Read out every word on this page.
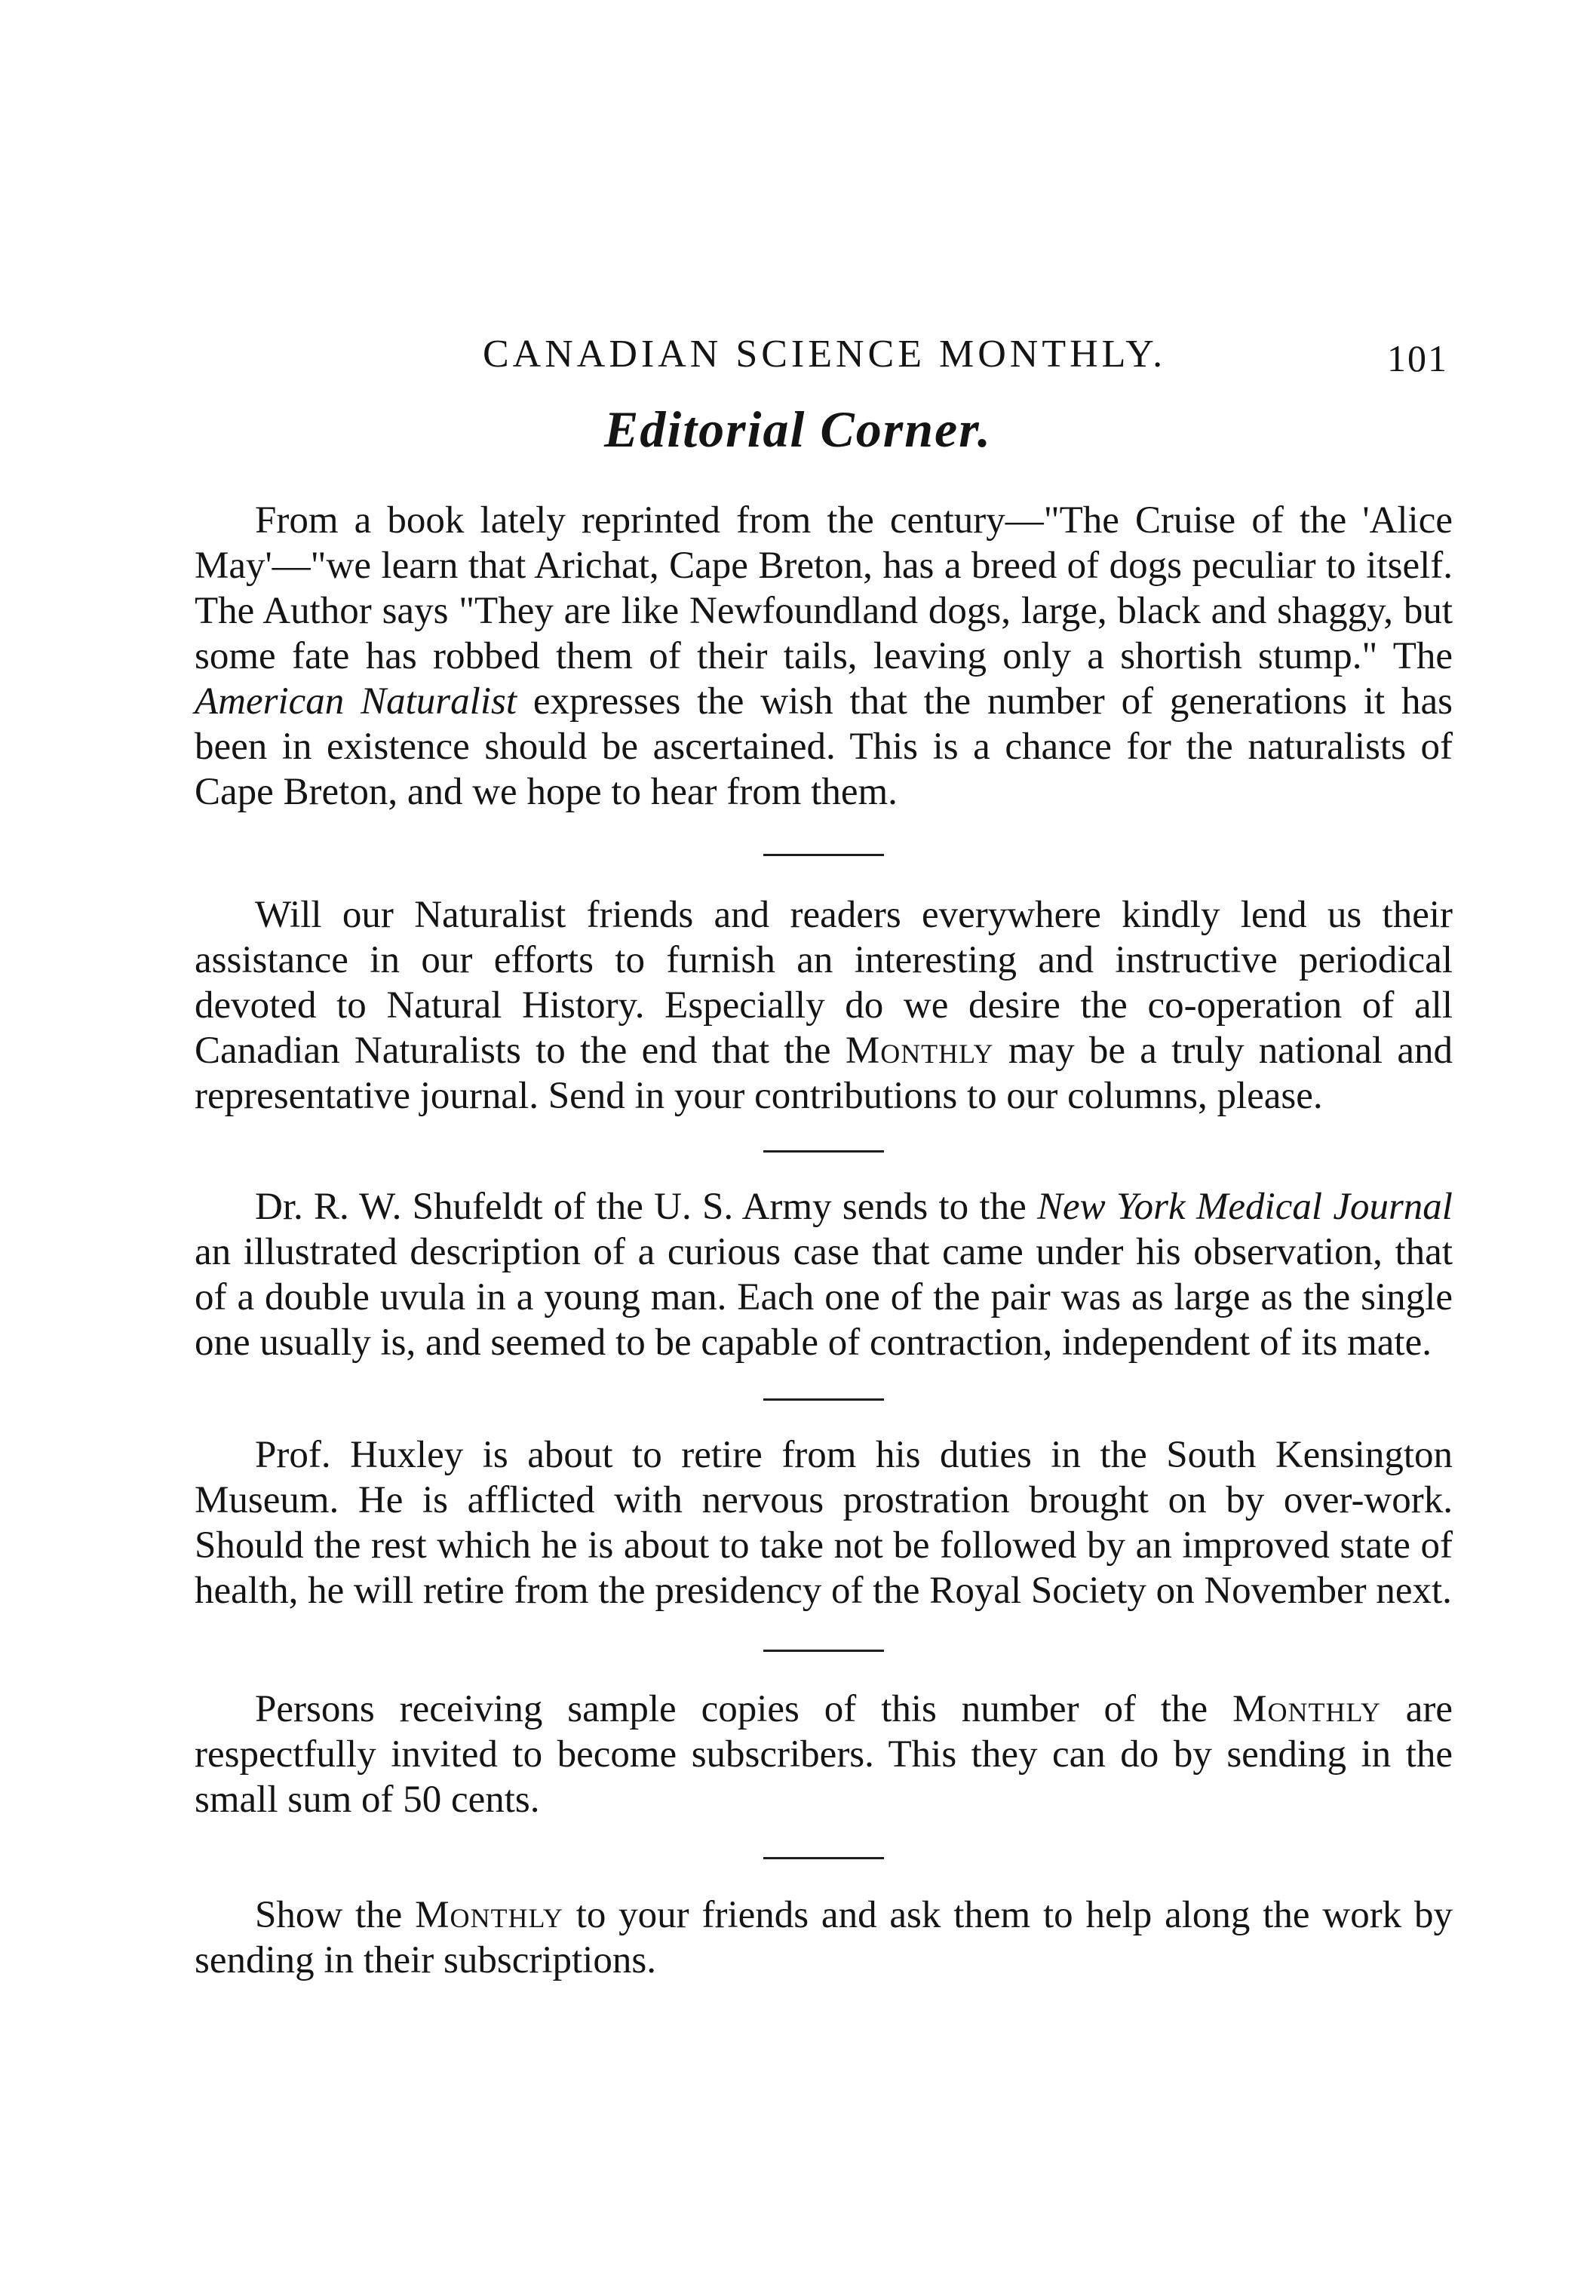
CANADIAN SCIENCE MONTHLY.	101
Editorial Corner.

From a book lately reprinted from the century—"The Cruise of the 'Alice May'—"we learn that Arichat, Cape Breton, has a breed of dogs peculiar to itself. The Author says "They are like Newfoundland dogs, large, black and shaggy, but some fate has robbed them of their tails, leaving only a shortish stump." The American Naturalist expresses the wish that the number of generations it has been in existence should be ascertained. This is a chance for the naturalists of Cape Breton, and we hope to hear from them.

Will our Naturalist friends and readers everywhere kindly lend us their assistance in our efforts to furnish an interesting and instructive periodical devoted to Natural History. Especially do we desire the co-operation of all Canadian Naturalists to the end that the Monthly may be a truly national and representative journal. Send in your contributions to our columns, please.

Dr. R. W. Shufeldt of the U. S. Army sends to the New York Medical Journal an illustrated description of a curious case that came under his observation, that of a double uvula in a young man. Each one of the pair was as large as the single one usually is, and seemed to be capable of contraction, independent of its mate.

Prof. Huxley is about to retire from his duties in the South Kensington Museum. He is afflicted with nervous prostration brought on by over-work. Should the rest which he is about to take not be followed by an improved state of health, he will retire from the presidency of the Royal Society on November next.

Persons receiving sample copies of this number of the Monthly are respectfully invited to become subscribers. This they can do by sending in the small sum of 50 cents.

Show the Monthly to your friends and ask them to help along the work by sending in their subscriptions.
